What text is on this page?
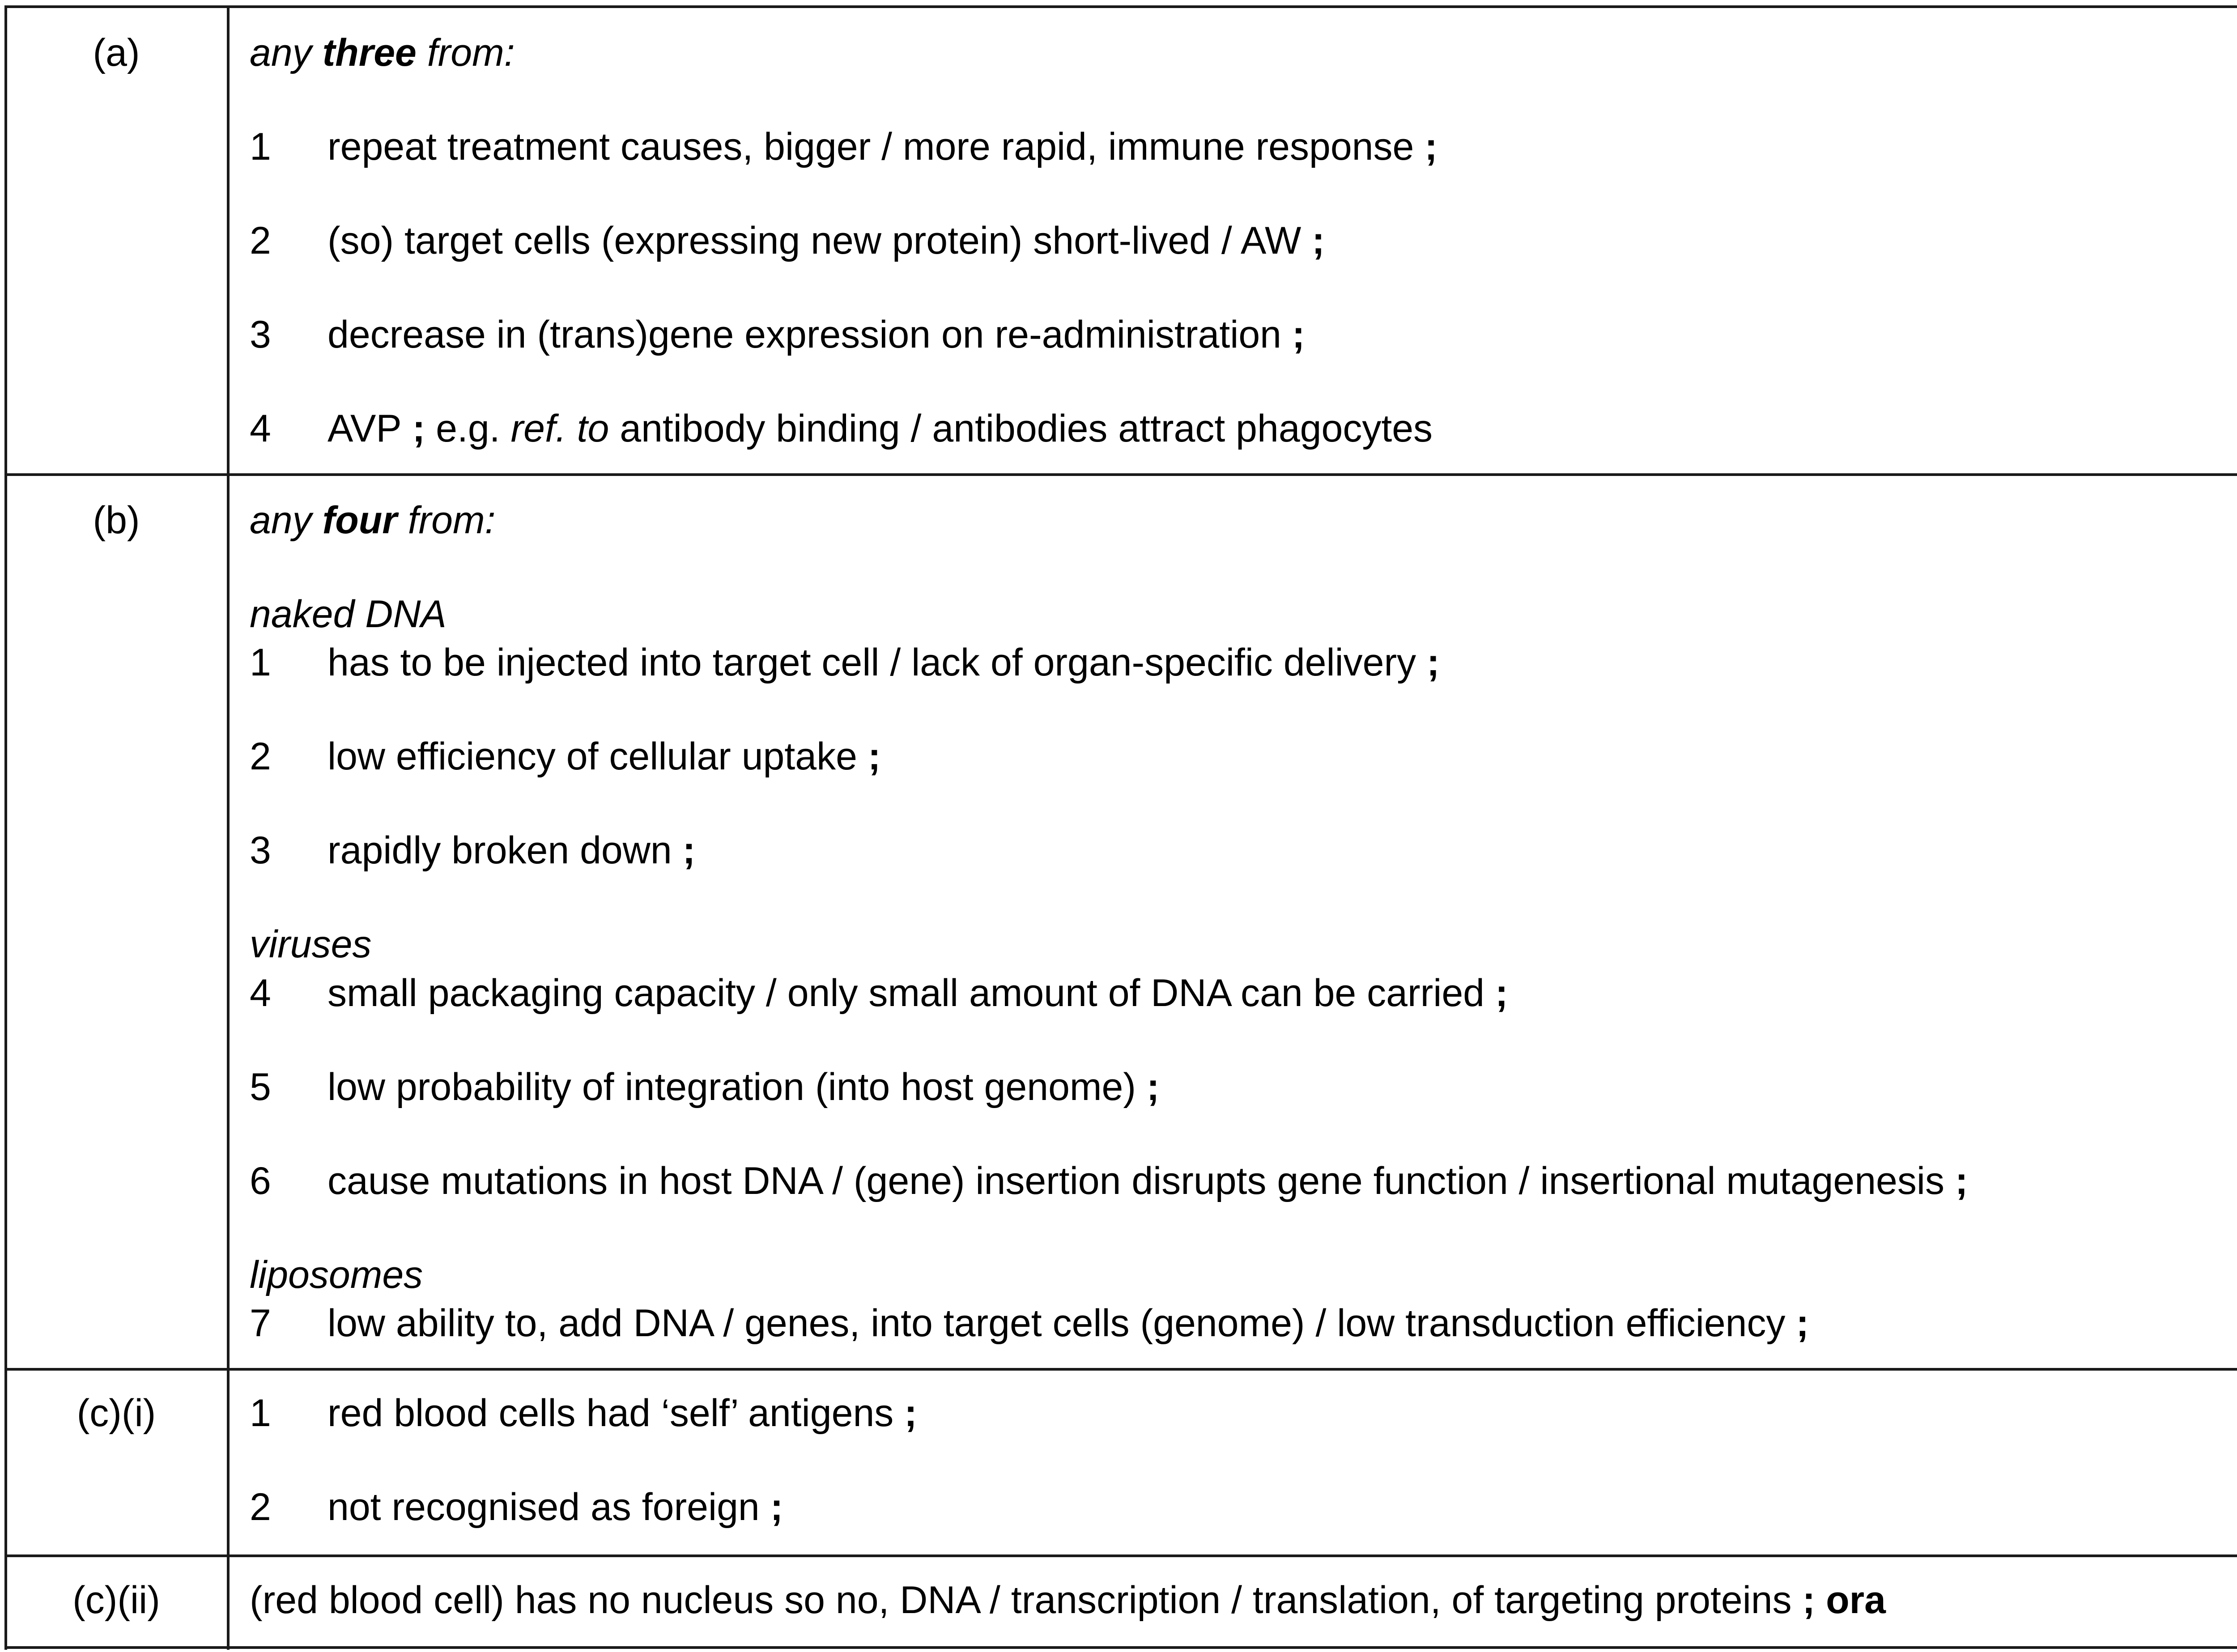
(a)	any three from:
1 repeat treatment causes, bigger / more rapid, immune response ;
2 (so) target cells (expressing new protein) short-lived / AW ;
3 decrease in (trans)gene expression on re-administration ;
4 AVP ; e.g. ref. to antibody binding / antibodies attract phagocytes
(b)	any four from:
naked DNA
1 has to be injected into target cell / lack of organ-specific delivery ;
2 low efficiency of cellular uptake ;
3 rapidly broken down ;
viruses
4 small packaging capacity / only small amount of DNA can be carried ;
5 low probability of integration (into host genome) ;
6 cause mutations in host DNA / (gene) insertion disrupts gene function / insertional mutagenesis ;
liposomes
7 low ability to, add DNA / genes, into target cells (genome) / low transduction efficiency ;
(c)(i)	1 red blood cells had ‘self’ antigens ;
2 not recognised as foreign ;
(c)(ii)	(red blood cell) has no nucleus so no, DNA / transcription / translation, of targeting proteins ; ora
